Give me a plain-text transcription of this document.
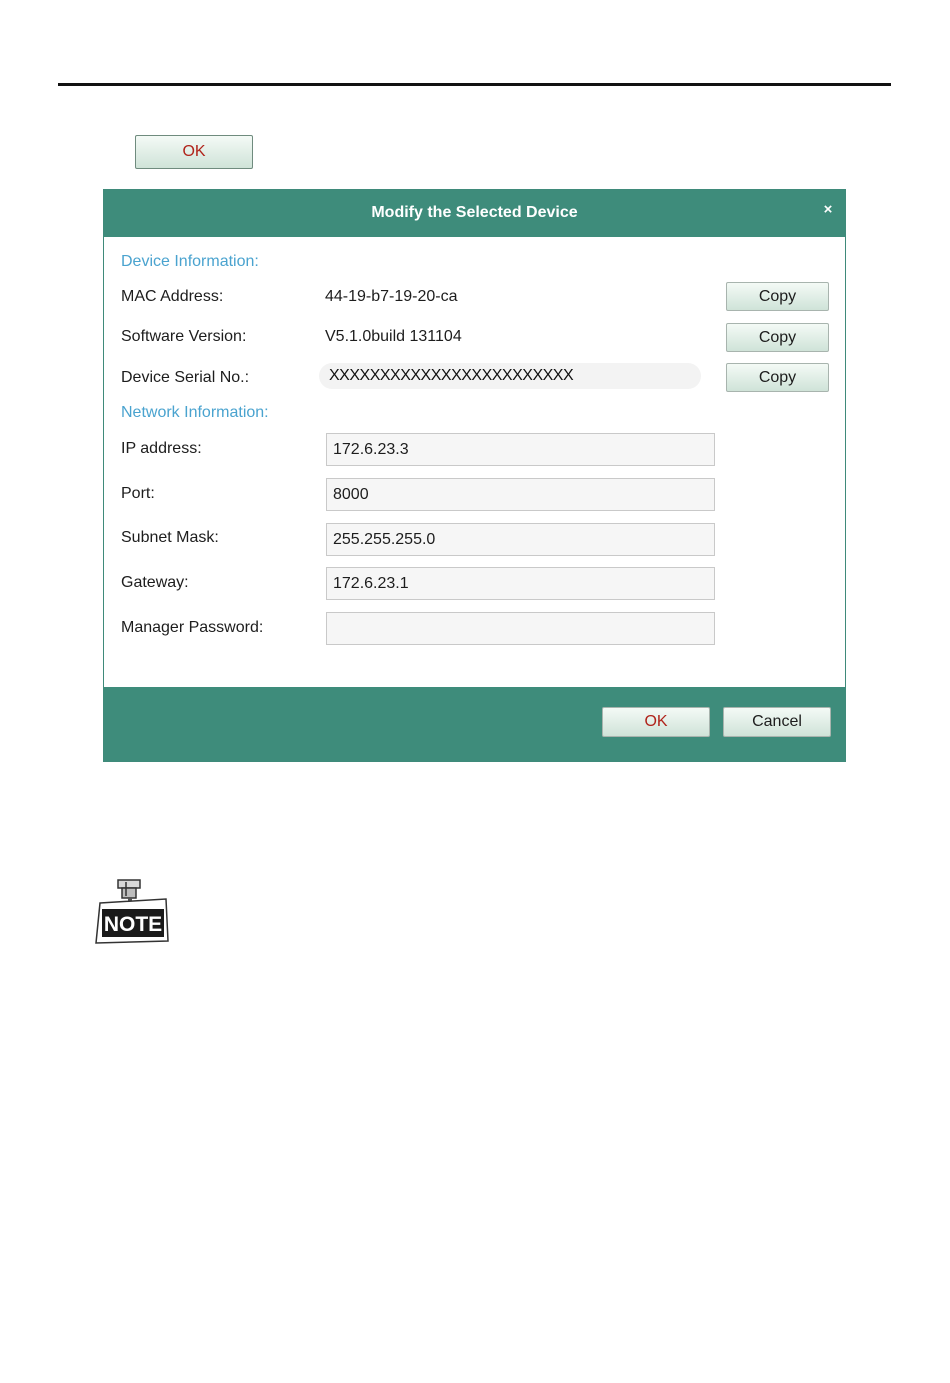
OK
Modify the Selected Device	×
Device Information:
MAC Address:	44-19-b7-19-20-ca	Copy
Software Version:	V5.1.0build 131104	Copy
Device Serial No.:	XXXXXXXXXXXXXXXXXXXXXXXX	Copy
Network Information:
IP address:
172.6.23.3
Port:
8000
Subnet Mask:
255.255.255.0
Gateway:
172.6.23.1
Manager Password:
OK	Cancel
NOTE
